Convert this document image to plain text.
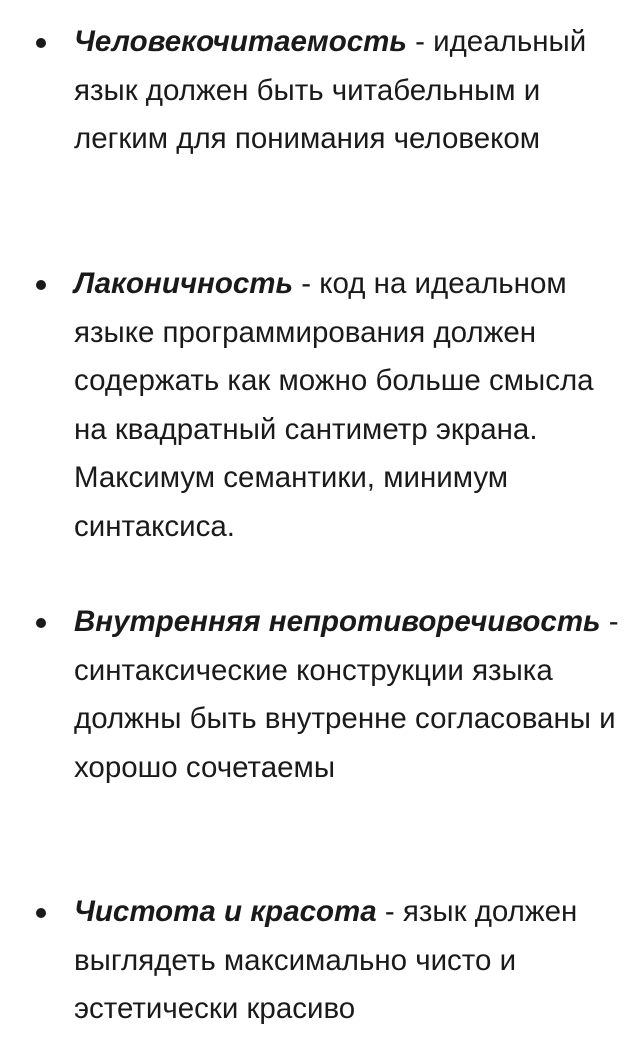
Человекочитаемость - идеальный язык должен быть читабельным и легким для понимания человеком
Лаконичность - код на идеальном языке программирования должен содержать как можно больше смысла на квадратный сантиметр экрана. Максимум семантики, минимум синтаксиса.
Внутренняя непротиворечивость - синтаксические конструкции языка должны быть внутренне согласованы и хорошо сочетаемы
Чистота и красота - язык должен выглядеть максимально чисто и эстетически красиво
